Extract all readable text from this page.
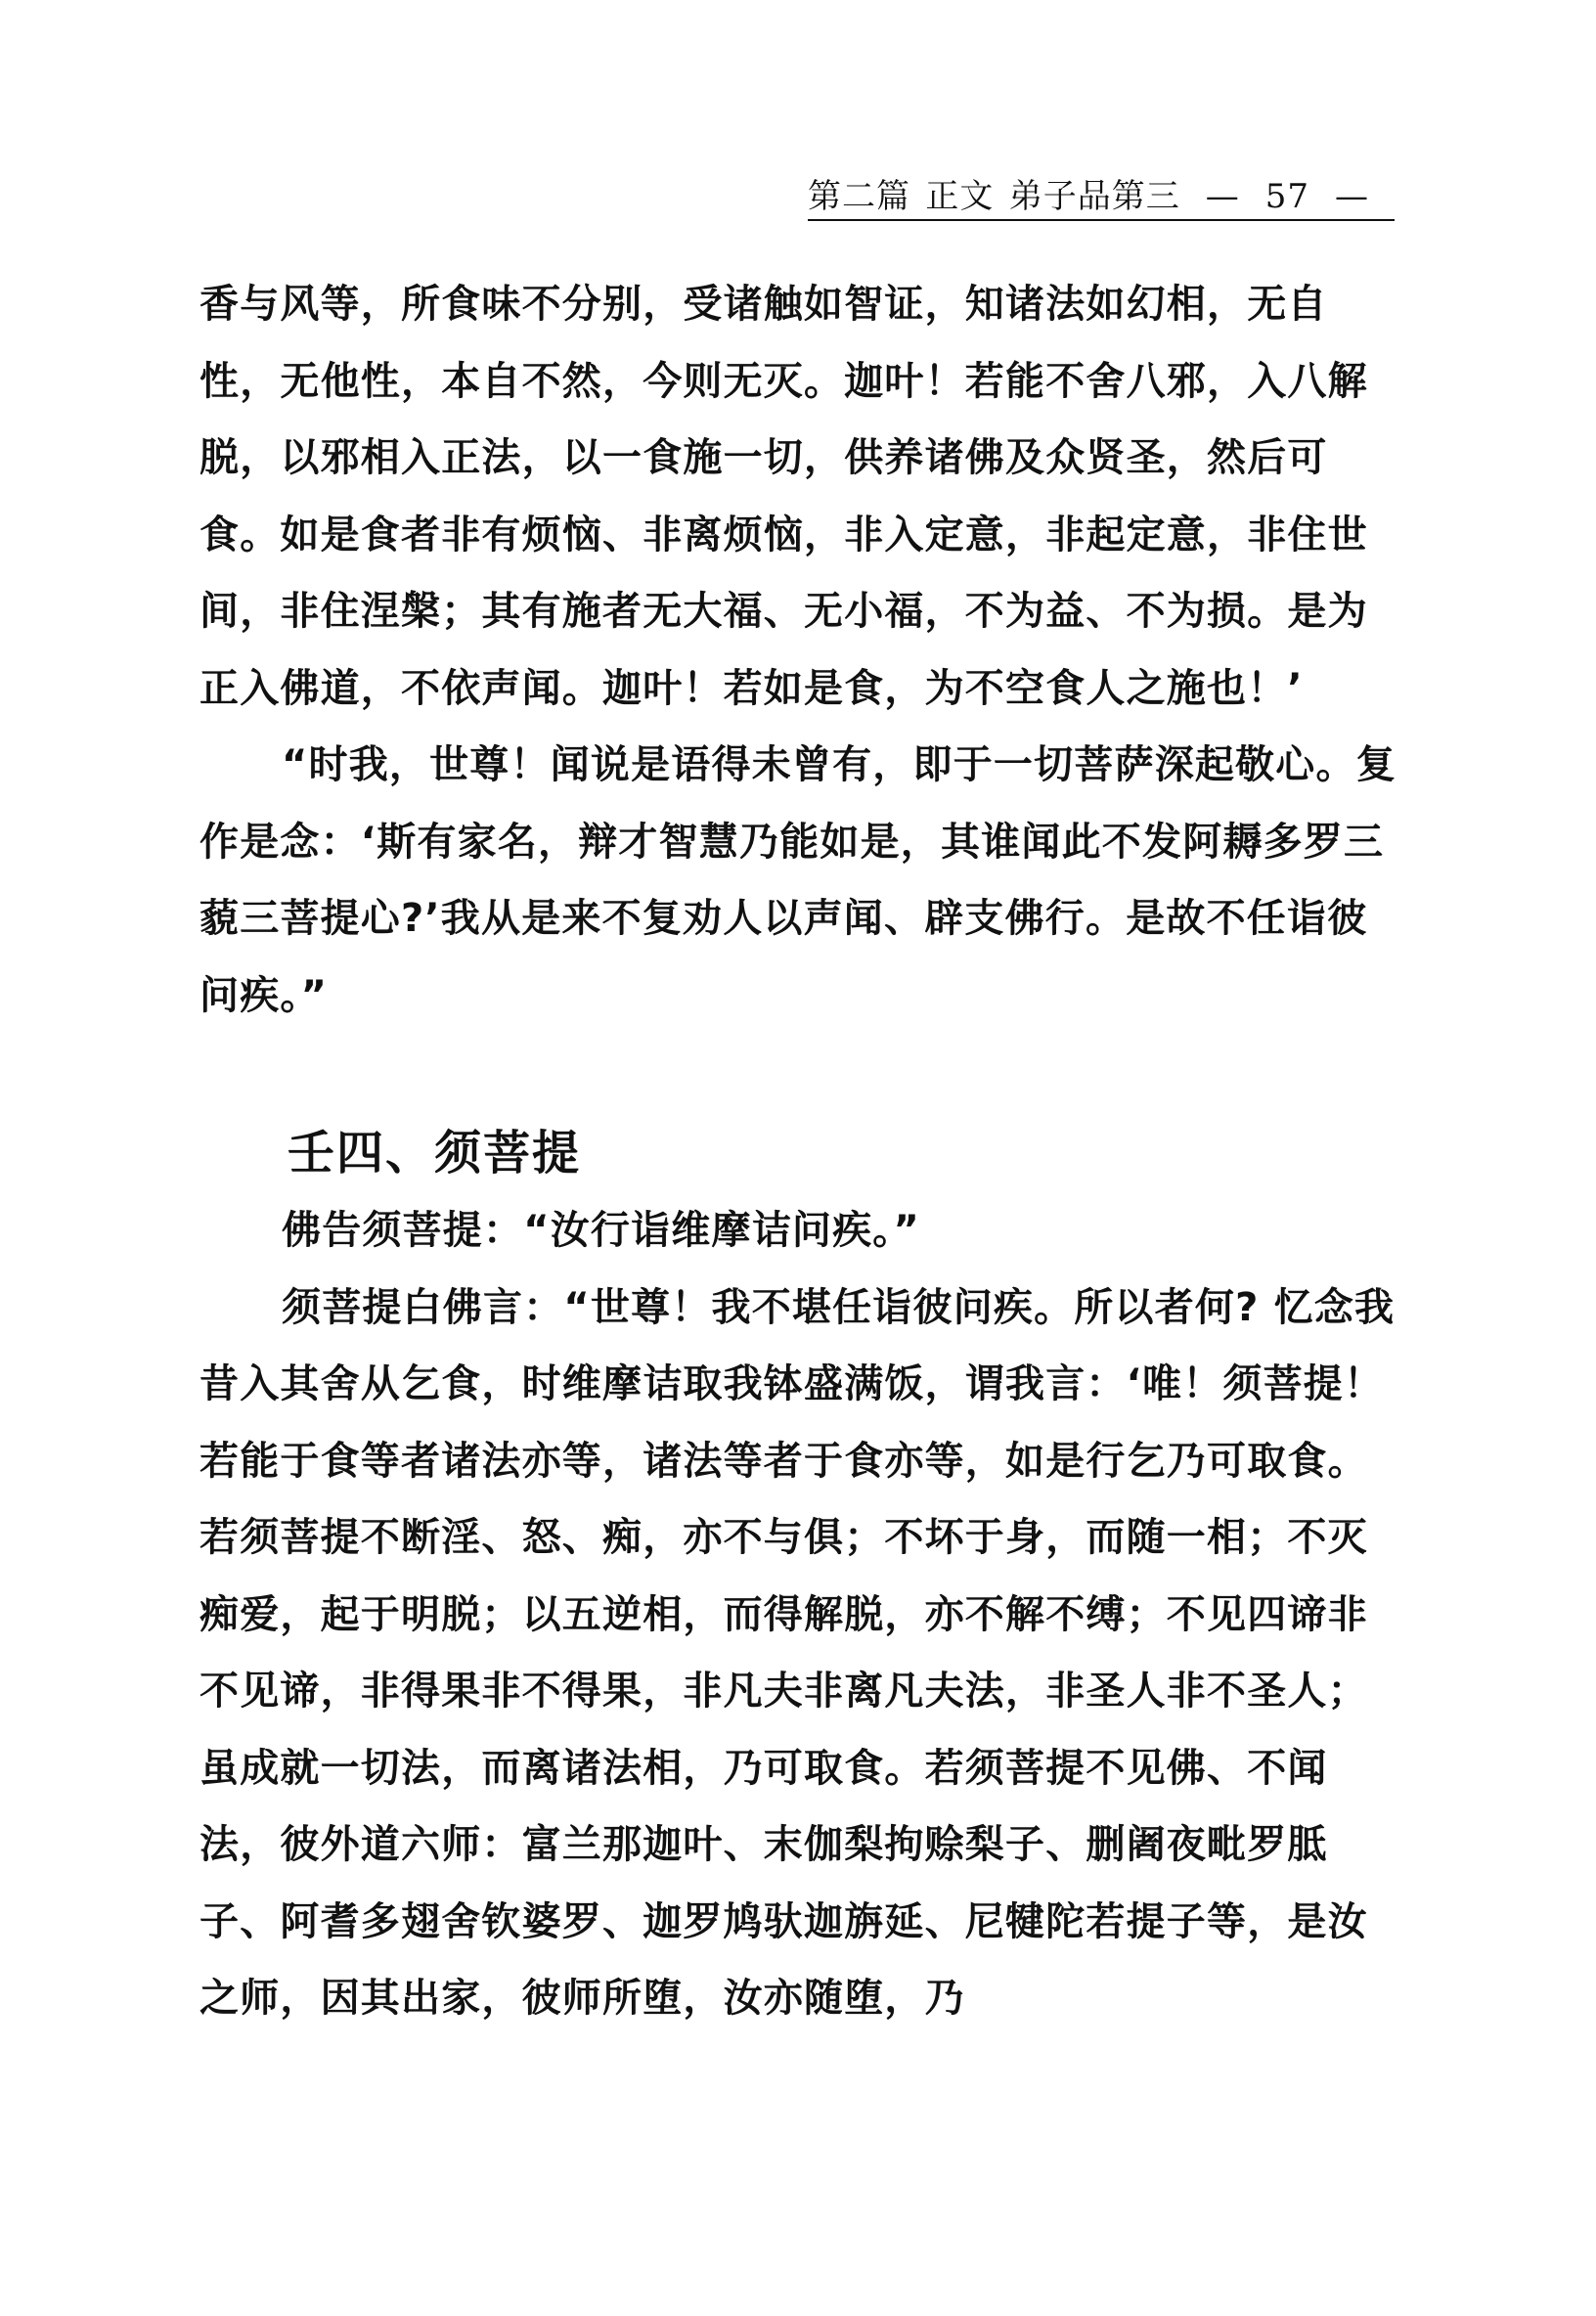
第二篇 正文 弟子品第三 — 57 —

香与风等，所食味不分别，受诸触如智证，知诸法如幻相，无自性，无他性，本自不然，今则无灭。迦叶！若能不舍八邪，入八解脱，以邪相入正法，以一食施一切，供养诸佛及众贤圣，然后可食。如是食者非有烦恼、非离烦恼，非入定意，非起定意，非住世间，非住涅槃；其有施者无大福、无小福，不为益、不为损。是为正入佛道，不依声闻。迦叶！若如是食，为不空食人之施也！’

“时我，世尊！闻说是语得未曾有，即于一切菩萨深起敬心。复作是念：‘斯有家名，辩才智慧乃能如是，其谁闻此不发阿耨多罗三藐三菩提心?’我从是来不复劝人以声闻、辟支佛行。是故不任诣彼问疾。”

壬四、须菩提

佛告须菩提：“汝行诣维摩诘问疾。”

须菩提白佛言：“世尊！我不堪任诣彼问疾。所以者何? 忆念我昔入其舍从乞食，时维摩诘取我钵盛满饭，谓我言：‘唯！须菩提！若能于食等者诸法亦等，诸法等者于食亦等，如是行乞乃可取食。若须菩提不断淫、怒、痴，亦不与俱；不坏于身，而随一相；不灭痴爱，起于明脱；以五逆相，而得解脱，亦不解不缚；不见四谛非不见谛，非得果非不得果，非凡夫非离凡夫法，非圣人非不圣人；虽成就一切法，而离诸法相，乃可取食。若须菩提不见佛、不闻法，彼外道六师：富兰那迦叶、末伽梨拘赊梨子、删阇夜毗罗胝子、阿耆多翅舍钦婆罗、迦罗鸠驮迦旃延、尼犍陀若提子等，是汝之师，因其出家，彼师所堕，汝亦随堕，乃
